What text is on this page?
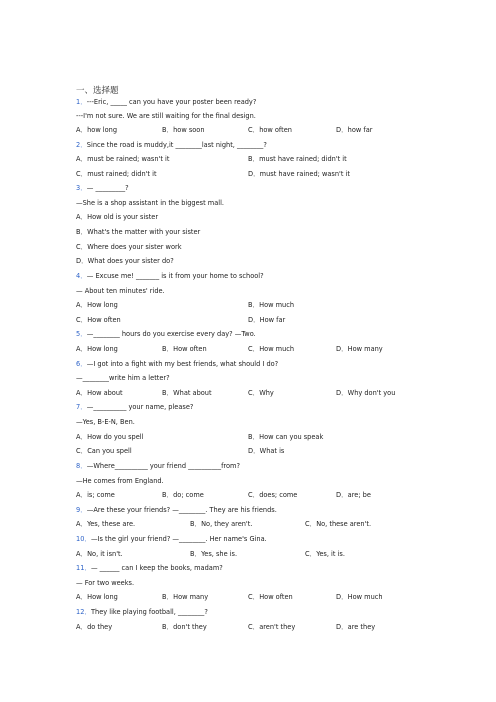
一、选择题
1．---Eric, _____ can you have your poster been ready?
---I'm not sure. We are still waiting for the final design.
A．how long	B．how soon	C．how often	D．how far
2．Since the road is muddy,it ________last night, ________?
A．must be rained; wasn't it	B．must have rained; didn't it
C．must rained; didn't it	D．must have rained; wasn't it
3．— _________?
—She is a shop assistant in the biggest mall.
A．How old is your sister
B．What's the matter with your sister
C．Where does your sister work
D．What does your sister do?
4．— Excuse me! _______ is it from your home to school?
— About ten minutes' ride.
A．How long	B．How much
C．How often	D．How far
5．—________ hours do you exercise every day? —Two.
A．How long	B．How often	C．How much	D．How many
6．—I got into a fight with my best friends, what should I do?
—________write him a letter?
A．How about	B．What about	C．Why	D．Why don't you
7．—__________ your name, please?
—Yes, B-E-N, Ben.
A．How do you spell	B．How can you speak
C．Can you spell	D．What is
8．—Where__________ your friend __________from?
—He comes from England.
A．is; come	B．do; come	C．does; come	D．are; be
9．—Are these your friends? —________. They are his friends.
A．Yes, these are.	B．No, they aren't.	C．No, these aren't.
10．—Is the girl your friend? —________. Her name's Gina.
A．No, it isn't.	B．Yes, she is.	C．Yes, it is.
11．— ______ can I keep the books, madam?
— For two weeks.
A．How long	B．How many	C．How often	D．How much
12．They like playing football, ________?
A．do they	B．don't they	C．aren't they	D．are they
